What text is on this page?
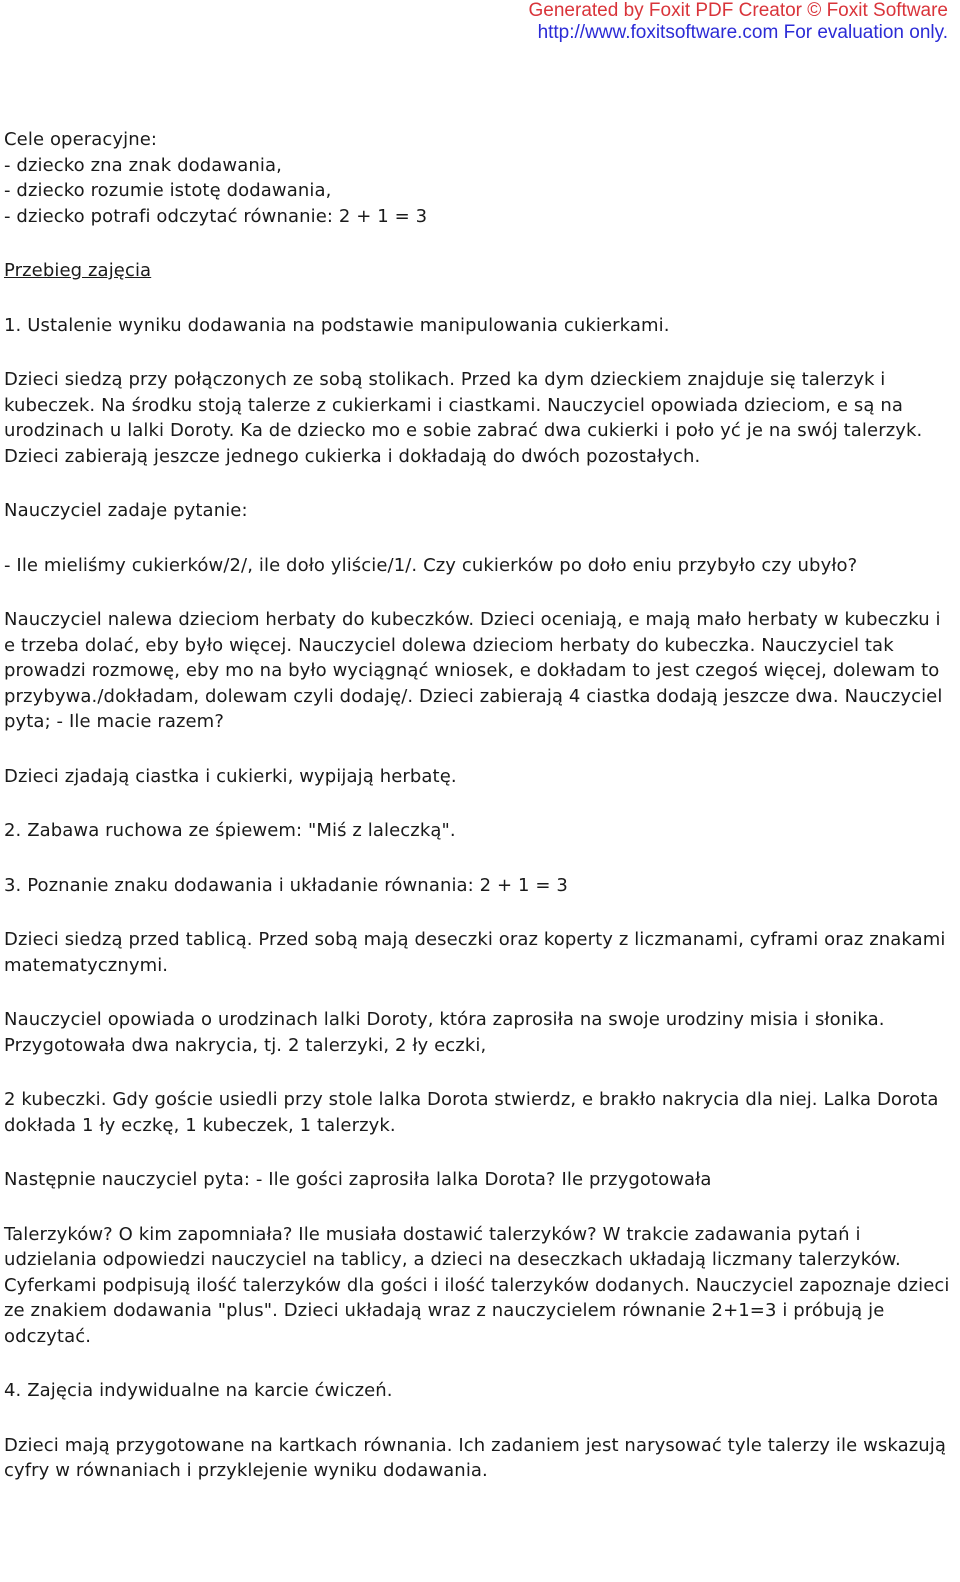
Generated by Foxit PDF Creator © Foxit Software
http://www.foxitsoftware.com For evaluation only.

Cele operacyjne:
- dziecko zna znak dodawania,
- dziecko rozumie istotę dodawania,
- dziecko potrafi odczytać równanie: 2 + 1 = 3

Przebieg zajęcia

1. Ustalenie wyniku dodawania na podstawie manipulowania cukierkami.

Dzieci siedzą przy połączonych ze sobą stolikach. Przed ka dym dzieckiem znajduje się talerzyk i kubeczek. Na środku stoją talerze z cukierkami i ciastkami. Nauczyciel opowiada dzieciom, e są na urodzinach u lalki Doroty. Ka de dziecko mo e sobie zabrać dwa cukierki i poło yć je na swój talerzyk. Dzieci zabierają jeszcze jednego cukierka i dokładają do dwóch pozostałych.

Nauczyciel zadaje pytanie:

- Ile mieliśmy cukierków/2/, ile doło yliście/1/. Czy cukierków po doło eniu przybyło czy ubyło?

Nauczyciel nalewa dzieciom herbaty do kubeczków. Dzieci oceniają, e mają mało herbaty w kubeczku i e trzeba dolać, eby było więcej. Nauczyciel dolewa dzieciom herbaty do kubeczka. Nauczyciel tak prowadzi rozmowę, eby mo na było wyciągnąć wniosek, e dokładam to jest czegoś więcej, dolewam to przybywa./dokładam, dolewam czyli dodaję/. Dzieci zabierają 4 ciastka dodają jeszcze dwa. Nauczyciel pyta; - Ile macie razem?

Dzieci zjadają ciastka i cukierki, wypijają herbatę.

2. Zabawa ruchowa ze śpiewem: "Miś z laleczką".

3. Poznanie znaku dodawania i układanie równania: 2 + 1 = 3

Dzieci siedzą przed tablicą. Przed sobą mają deseczki oraz koperty z liczmanami, cyframi oraz znakami matematycznymi.

Nauczyciel opowiada o urodzinach lalki Doroty, która zaprosiła na swoje urodziny misia i słonika. Przygotowała dwa nakrycia, tj. 2 talerzyki, 2 ły eczki,

2 kubeczki. Gdy goście usiedli przy stole lalka Dorota stwierdz, e brakło nakrycia dla niej. Lalka Dorota dokłada 1 ły eczkę, 1 kubeczek, 1 talerzyk.

Następnie nauczyciel pyta: - Ile gości zaprosiła lalka Dorota? Ile przygotowała

Talerzyków? O kim zapomniała? Ile musiała dostawić talerzyków? W trakcie zadawania pytań i udzielania odpowiedzi nauczyciel na tablicy, a dzieci na deseczkach układają liczmany talerzyków. Cyferkami podpisują ilość talerzyków dla gości i ilość talerzyków dodanych. Nauczyciel zapoznaje dzieci ze znakiem dodawania "plus". Dzieci układają wraz z nauczycielem równanie 2+1=3 i próbują je odczytać.

4. Zajęcia indywidualne na karcie ćwiczeń.

Dzieci mają przygotowane na kartkach równania. Ich zadaniem jest narysować tyle talerzy ile wskazują cyfry w równaniach i przyklejenie wyniku dodawania.
